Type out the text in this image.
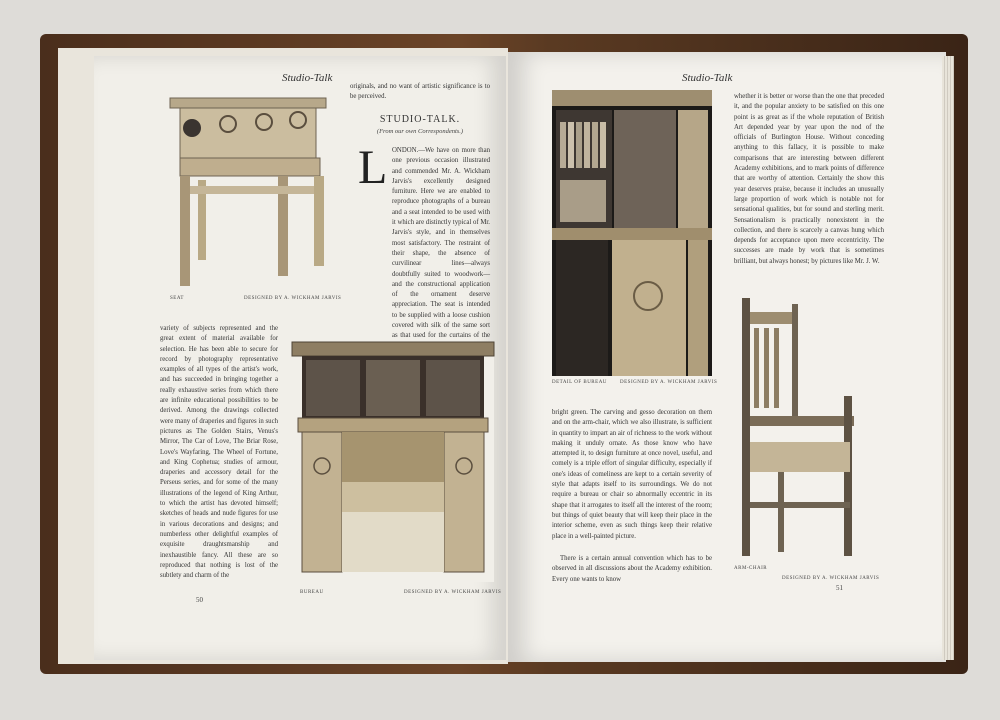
Studio-Talk
SEAT	DESIGNED BY A. WICKHAM JARVIS
originals, and no want of artistic significance is to be perceived.
STUDIO-TALK.
(From our own Correspondents.)
L ONDON.—We have on more than one previous occasion illustrated and commended Mr. A. Wickham Jarvis's excellently designed furniture. Here we are enabled to reproduce photographs of a bureau and a seat intended to be used with it which are distinctly typical of Mr. Jarvis's style, and in themselves most satisfactory. The restraint of their shape, the absence of curvilinear lines—always doubtfully suited to woodwork—and the constructional application of the ornament deserve appreciation. The seat is intended to be supplied with a loose cushion covered with silk of the same sort as that used for the curtains of the

variety of subjects represented and the great extent of material available for selection. He has been able to secure for record by photography representative examples of all types of the artist's work, and has succeeded in bringing together a really exhaustive series from which there are infinite educational possibilities to be derived. Among the drawings collected were many of draperies and figures in such pictures as The Golden Stairs, Venus's Mirror, The Car of Love, The Briar Rose, Love's Wayfaring, The Wheel of Fortune, and King Cophetua; studies of armour, draperies and accessory detail for the Perseus series, and for some of the many illustrations of the legend of King Arthur, to which the artist has devoted himself; sketches of heads and nude figures for use in various decorations and designs; and numberless other delightful examples of exquisite draughtsmanship and inexhaustible fancy. All these are so reproduced that nothing is lost of the subtlety and charm of the
BUREAU	DESIGNED BY A. WICKHAM JARVIS
50
Studio-Talk
DETAIL OF BUREAU	DESIGNED BY A. WICKHAM JARVIS
whether it is better or worse than the one that preceded it, and the popular anxiety to be satisfied on this one point is as great as if the whole reputation of British Art depended year by year upon the nod of the officials of Burlington House. Without conceding anything to this fallacy, it is possible to make comparisons that are interesting between different Academy exhibitions, and to mark points of difference that are worthy of attention. Certainly the show this year deserves praise, because it includes an unusually large proportion of work which is notable not for sensational qualities, but for sound and sterling merit. Sensationalism is practically nonexistent in the collection, and there is scarcely a canvas hung which depends for acceptance upon mere eccentricity. The successes are made by work that is sometimes brilliant, but always honest; by pictures like Mr. J. W.
ARM-CHAIR
DESIGNED BY A. WICKHAM JARVIS
bright green. The carving and gesso decoration on them and on the arm-chair, which we also illustrate, is sufficient in quantity to impart an air of richness to the work without making it unduly ornate. As those know who have attempted it, to design furniture at once novel, useful, and comely is a triple effort of singular difficulty, especially if one's ideas of comeliness are kept to a certain severity of style that adapts itself to its surroundings. We do not require a bureau or chair so abnormally eccentric in its shape that it arrogates to itself all the interest of the room; but things of quiet beauty that will keep their place in the interior scheme, even as such things keep their relative place in a well-painted picture.
There is a certain annual convention which has to be observed in all discussions about the Academy exhibition. Every one wants to know
51
